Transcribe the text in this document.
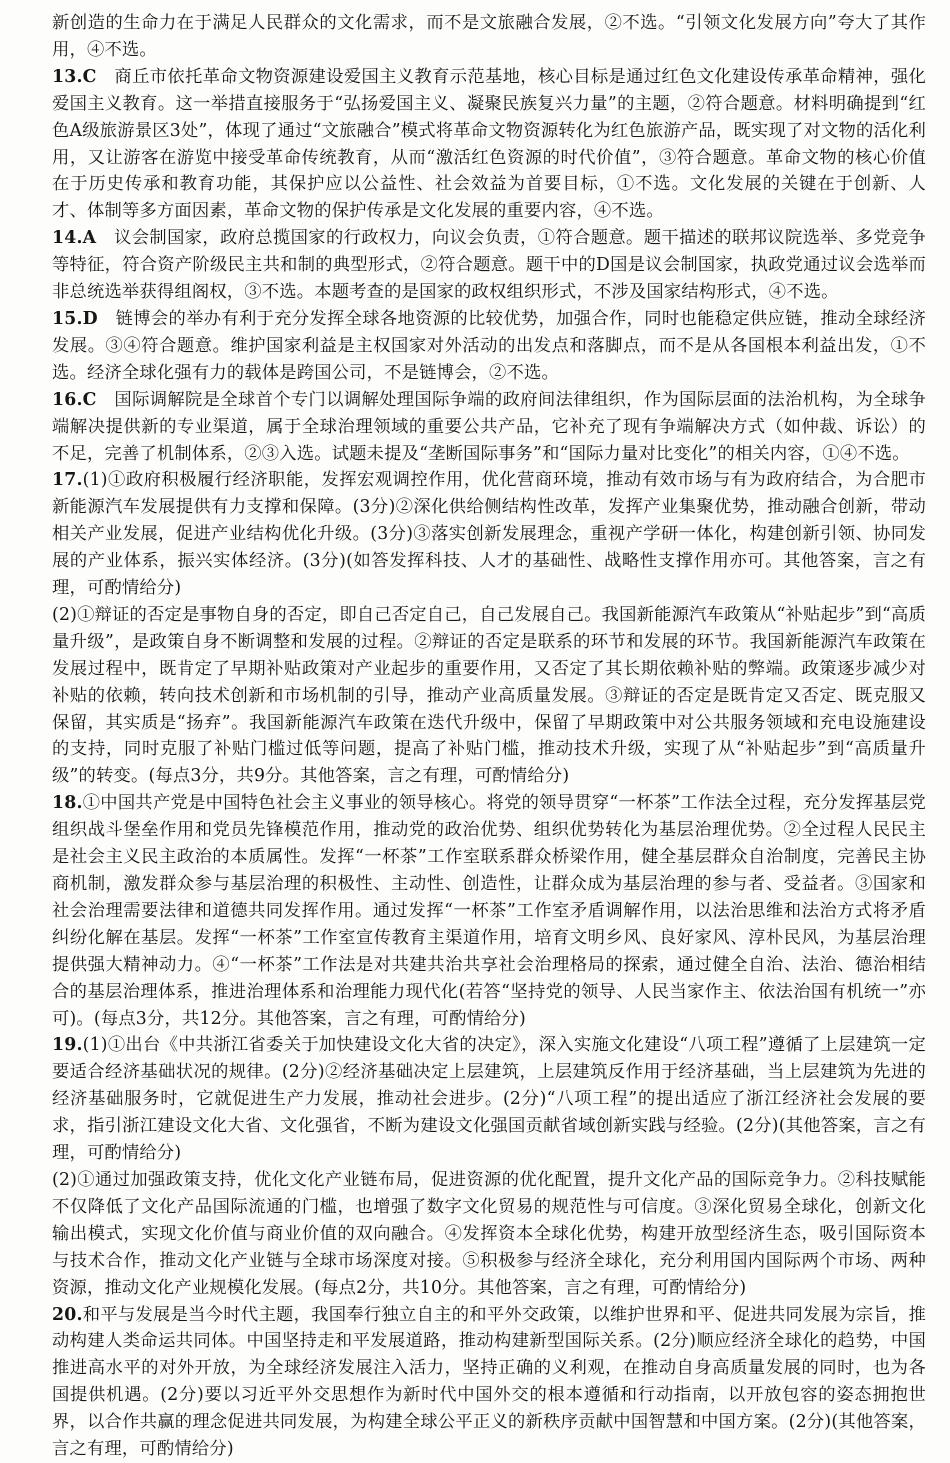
新创造的生命力在于满足人民群众的文化需求，而不是文旅融合发展，②不选。“引领文化发展方向”夸大了其作用，④不选。

13.C　商丘市依托革命文物资源建设爱国主义教育示范基地，核心目标是通过红色文化建设传承革命精神，强化爱国主义教育。这一举措直接服务于“弘扬爱国主义、凝聚民族复兴力量”的主题，②符合题意。材料明确提到“红色A级旅游景区3处”，体现了通过“文旅融合”模式将革命文物资源转化为红色旅游产品，既实现了对文物的活化利用，又让游客在游览中接受革命传统教育，从而“激活红色资源的时代价值”，③符合题意。革命文物的核心价值在于历史传承和教育功能，其保护应以公益性、社会效益为首要目标，①不选。文化发展的关键在于创新、人才、体制等多方面因素，革命文物的保护传承是文化发展的重要内容，④不选。

14.A　议会制国家，政府总揽国家的行政权力，向议会负责，①符合题意。题干描述的联邦议院选举、多党竞争等特征，符合资产阶级民主共和制的典型形式，②符合题意。题干中的D国是议会制国家，执政党通过议会选举而非总统选举获得组阁权，③不选。本题考查的是国家的政权组织形式，不涉及国家结构形式，④不选。

15.D　链博会的举办有利于充分发挥全球各地资源的比较优势，加强合作，同时也能稳定供应链，推动全球经济发展。③④符合题意。维护国家利益是主权国家对外活动的出发点和落脚点，而不是从各国根本利益出发，①不选。经济全球化强有力的载体是跨国公司，不是链博会，②不选。

16.C　国际调解院是全球首个专门以调解处理国际争端的政府间法律组织，作为国际层面的法治机构，为全球争端解决提供新的专业渠道，属于全球治理领域的重要公共产品，它补充了现有争端解决方式（如仲裁、诉讼）的不足，完善了机制体系，②③入选。试题未提及“垄断国际事务”和“国际力量对比变化”的相关内容，①④不选。

17.(1)①政府积极履行经济职能，发挥宏观调控作用，优化营商环境，推动有效市场与有为政府结合，为合肥市新能源汽车发展提供有力支撑和保障。(3分)②深化供给侧结构性改革，发挥产业集聚优势，推动融合创新，带动相关产业发展，促进产业结构优化升级。(3分)③落实创新发展理念，重视产学研一体化，构建创新引领、协同发展的产业体系，振兴实体经济。(3分)(如答发挥科技、人才的基础性、战略性支撑作用亦可。其他答案，言之有理，可酌情给分)

(2)①辩证的否定是事物自身的否定，即自己否定自己，自己发展自己。我国新能源汽车政策从“补贴起步”到“高质量升级”，是政策自身不断调整和发展的过程。②辩证的否定是联系的环节和发展的环节。我国新能源汽车政策在发展过程中，既肯定了早期补贴政策对产业起步的重要作用，又否定了其长期依赖补贴的弊端。政策逐步减少对补贴的依赖，转向技术创新和市场机制的引导，推动产业高质量发展。③辩证的否定是既肯定又否定、既克服又保留，其实质是“扬弃”。我国新能源汽车政策在迭代升级中，保留了早期政策中对公共服务领域和充电设施建设的支持，同时克服了补贴门槛过低等问题，提高了补贴门槛，推动技术升级，实现了从“补贴起步”到“高质量升级”的转变。(每点3分，共9分。其他答案，言之有理，可酌情给分)

18.①中国共产党是中国特色社会主义事业的领导核心。将党的领导贯穿“一杯茶”工作法全过程，充分发挥基层党组织战斗堡垒作用和党员先锋模范作用，推动党的政治优势、组织优势转化为基层治理优势。②全过程人民民主是社会主义民主政治的本质属性。发挥“一杯茶”工作室联系群众桥梁作用，健全基层群众自治制度，完善民主协商机制，激发群众参与基层治理的积极性、主动性、创造性，让群众成为基层治理的参与者、受益者。③国家和社会治理需要法律和道德共同发挥作用。通过发挥“一杯茶”工作室矛盾调解作用，以法治思维和法治方式将矛盾纠纷化解在基层。发挥“一杯茶”工作室宣传教育主渠道作用，培育文明乡风、良好家风、淳朴民风，为基层治理提供强大精神动力。④“一杯茶”工作法是对共建共治共享社会治理格局的探索，通过健全自治、法治、德治相结合的基层治理体系，推进治理体系和治理能力现代化(若答“坚持党的领导、人民当家作主、依法治国有机统一”亦可)。(每点3分，共12分。其他答案，言之有理，可酌情给分)

19.(1)①出台《中共浙江省委关于加快建设文化大省的决定》，深入实施文化建设“八项工程”遵循了上层建筑一定要适合经济基础状况的规律。(2分)②经济基础决定上层建筑，上层建筑反作用于经济基础，当上层建筑为先进的经济基础服务时，它就促进生产力发展，推动社会进步。(2分)“八项工程”的提出适应了浙江经济社会发展的要求，指引浙江建设文化大省、文化强省，不断为建设文化强国贡献省域创新实践与经验。(2分)(其他答案，言之有理，可酌情给分)

(2)①通过加强政策支持，优化文化产业链布局，促进资源的优化配置，提升文化产品的国际竞争力。②科技赋能不仅降低了文化产品国际流通的门槛，也增强了数字文化贸易的规范性与可信度。③深化贸易全球化，创新文化输出模式，实现文化价值与商业价值的双向融合。④发挥资本全球化优势，构建开放型经济生态，吸引国际资本与技术合作，推动文化产业链与全球市场深度对接。⑤积极参与经济全球化，充分利用国内国际两个市场、两种资源，推动文化产业规模化发展。(每点2分，共10分。其他答案，言之有理，可酌情给分)

20.和平与发展是当今时代主题，我国奉行独立自主的和平外交政策，以维护世界和平、促进共同发展为宗旨，推动构建人类命运共同体。中国坚持走和平发展道路，推动构建新型国际关系。(2分)顺应经济全球化的趋势，中国推进高水平的对外开放，为全球经济发展注入活力，坚持正确的义利观，在推动自身高质量发展的同时，也为各国提供机遇。(2分)要以习近平外交思想作为新时代中国外交的根本遵循和行动指南，以开放包容的姿态拥抱世界，以合作共赢的理念促进共同发展，为构建全球公平正义的新秩序贡献中国智慧和中国方案。(2分)(其他答案，言之有理，可酌情给分)
